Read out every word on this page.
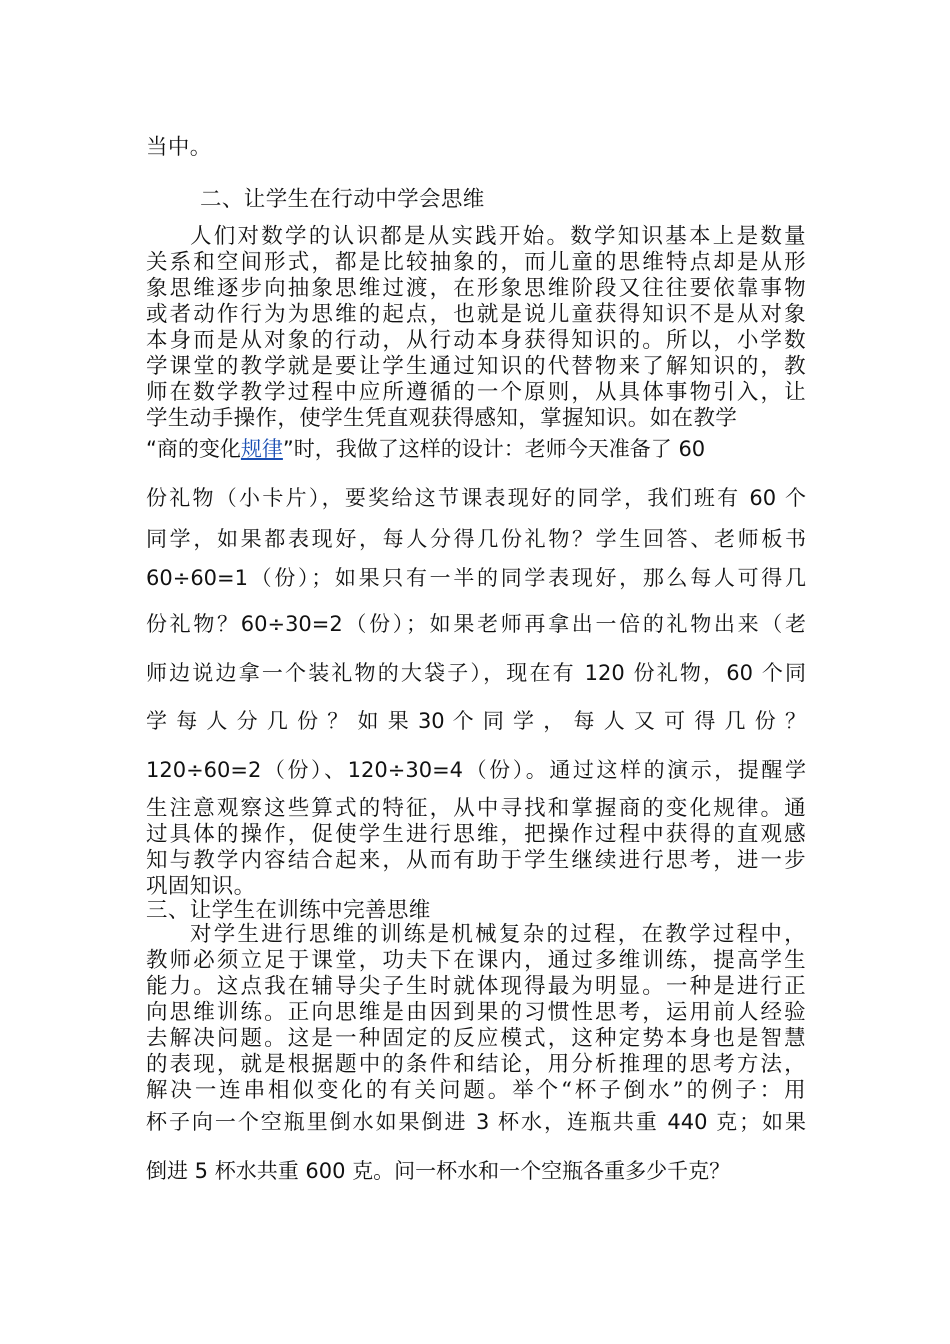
当中。
二、让学生在行动中学会思维
人们对数学的认识都是从实践开始。数学知识基本上是数量
关系和空间形式，都是比较抽象的，而儿童的思维特点却是从形
象思维逐步向抽象思维过渡，在形象思维阶段又往往要依靠事物
或者动作行为为思维的起点，也就是说儿童获得知识不是从对象
本身而是从对象的行动，从行动本身获得知识的。所以，小学数
学课堂的教学就是要让学生通过知识的代替物来了解知识的，教
师在数学教学过程中应所遵循的一个原则，从具体事物引入，让
学生动手操作，使学生凭直观获得感知，掌握知识。如在教学
“商的变化规律”时，我做了这样的设计：老师今天准备了 60
份礼物（小卡片），要奖给这节课表现好的同学，我们班有 60 个
同学，如果都表现好，每人分得几份礼物？学生回答、老师板书
60÷60=1（份）；如果只有一半的同学表现好，那么每人可得几
份礼物？60÷30=2（份）；如果老师再拿出一倍的礼物出来（老
师边说边拿一个装礼物的大袋子），现在有 120 份礼物，60 个同
学 每 人 分 几 份 ？ 如 果 30 个 同 学 ， 每 人 又 可 得 几 份 ？
120÷60=2（份）、120÷30=4（份）。通过这样的演示，提醒学
生注意观察这些算式的特征，从中寻找和掌握商的变化规律。通
过具体的操作，促使学生进行思维，把操作过程中获得的直观感
知与教学内容结合起来，从而有助于学生继续进行思考，进一步
巩固知识。
三、让学生在训练中完善思维
对学生进行思维的训练是机械复杂的过程，在教学过程中，
教师必须立足于课堂，功夫下在课内，通过多维训练，提高学生
能力。这点我在辅导尖子生时就体现得最为明显。一种是进行正
向思维训练。正向思维是由因到果的习惯性思考，运用前人经验
去解决问题。这是一种固定的反应模式，这种定势本身也是智慧
的表现，就是根据题中的条件和结论，用分析推理的思考方法，
解决一连串相似变化的有关问题。举个“杯子倒水”的例子：用
杯子向一个空瓶里倒水如果倒进 3 杯水，连瓶共重 440 克；如果
倒进 5 杯水共重 600 克。问一杯水和一个空瓶各重多少千克？
